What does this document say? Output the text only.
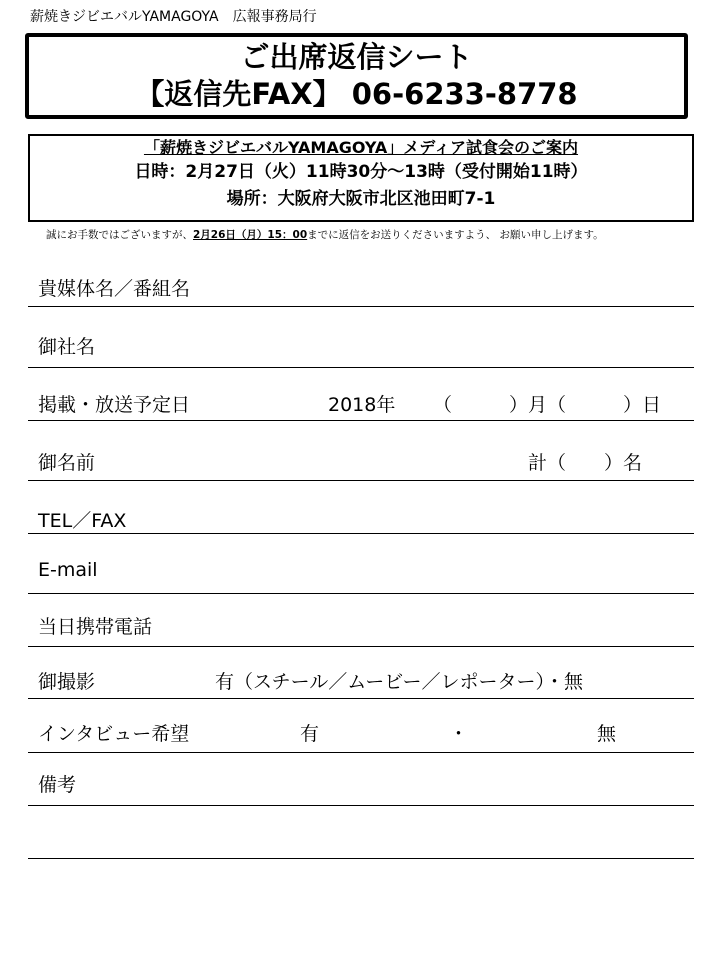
薪焼きジビエバルYAMAGOYA　広報事務局行
ご出席返信シート
【返信先FAX】 06-6233-8778
「薪焼きジビエバルYAMAGOYA」メディア試食会のご案内
日時：2月27日（火）11時30分～13時（受付開始11時）
場所：大阪府大阪市北区池田町7-1
誠にお手数ではございますが、2月26日（月）15：00までに返信をお送りくださいますよう、 お願い申し上げます。
貴媒体名／番組名
御社名
掲載・放送予定日	2018年 （　　　）月（　　　）日
御名前	計（　　）名
TEL／FAX
E-mail
当日携帯電話
御撮影	有（スチール／ムービー／レポーター）・無
インタビュー希望	有	・	無
備考
